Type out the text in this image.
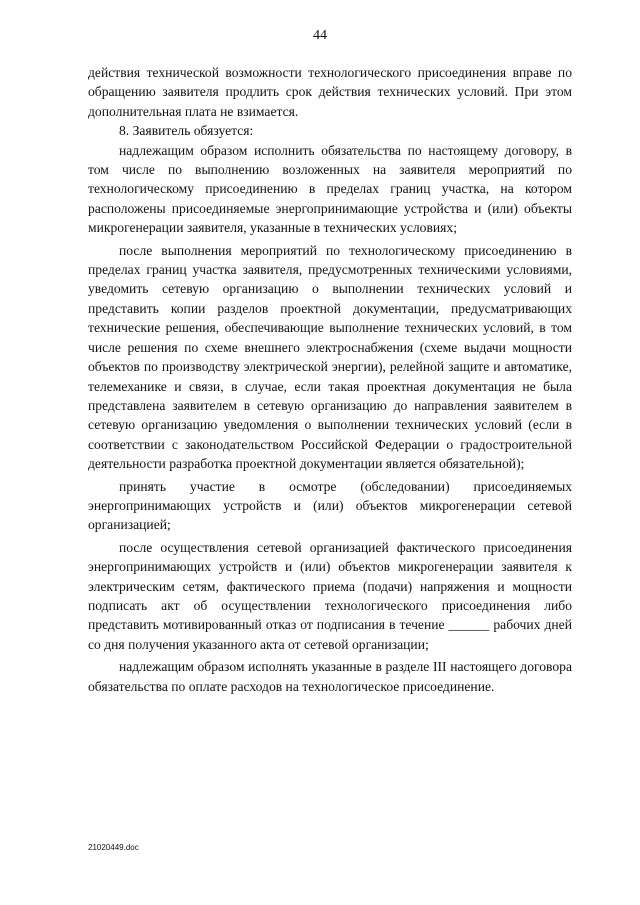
44

действия технической возможности технологического присоединения вправе по обращению заявителя продлить срок действия технических условий. При этом дополнительная плата не взимается.

8. Заявитель обязуется:

надлежащим образом исполнить обязательства по настоящему договору, в том числе по выполнению возложенных на заявителя мероприятий по технологическому присоединению в пределах границ участка, на котором расположены присоединяемые энергопринимающие устройства и (или) объекты микрогенерации заявителя, указанные в технических условиях;

после выполнения мероприятий по технологическому присоединению в пределах границ участка заявителя, предусмотренных техническими условиями, уведомить сетевую организацию о выполнении технических условий и представить копии разделов проектной документации, предусматривающих технические решения, обеспечивающие выполнение технических условий, в том числе решения по схеме внешнего электроснабжения (схеме выдачи мощности объектов по производству электрической энергии), релейной защите и автоматике, телемеханике и связи, в случае, если такая проектная документация не была представлена заявителем в сетевую организацию до направления заявителем в сетевую организацию уведомления о выполнении технических условий (если в соответствии с законодательством Российской Федерации о градостроительной деятельности разработка проектной документации является обязательной);

принять участие в осмотре (обследовании) присоединяемых энергопринимающих устройств и (или) объектов микрогенерации сетевой организацией;

после осуществления сетевой организацией фактического присоединения энергопринимающих устройств и (или) объектов микрогенерации заявителя к электрическим сетям, фактического приема (подачи) напряжения и мощности подписать акт об осуществлении технологического присоединения либо представить мотивированный отказ от подписания в течение ______ рабочих дней со дня получения указанного акта от сетевой организации;

надлежащим образом исполнять указанные в разделе III настоящего договора обязательства по оплате расходов на технологическое присоединение.

21020449.doc
